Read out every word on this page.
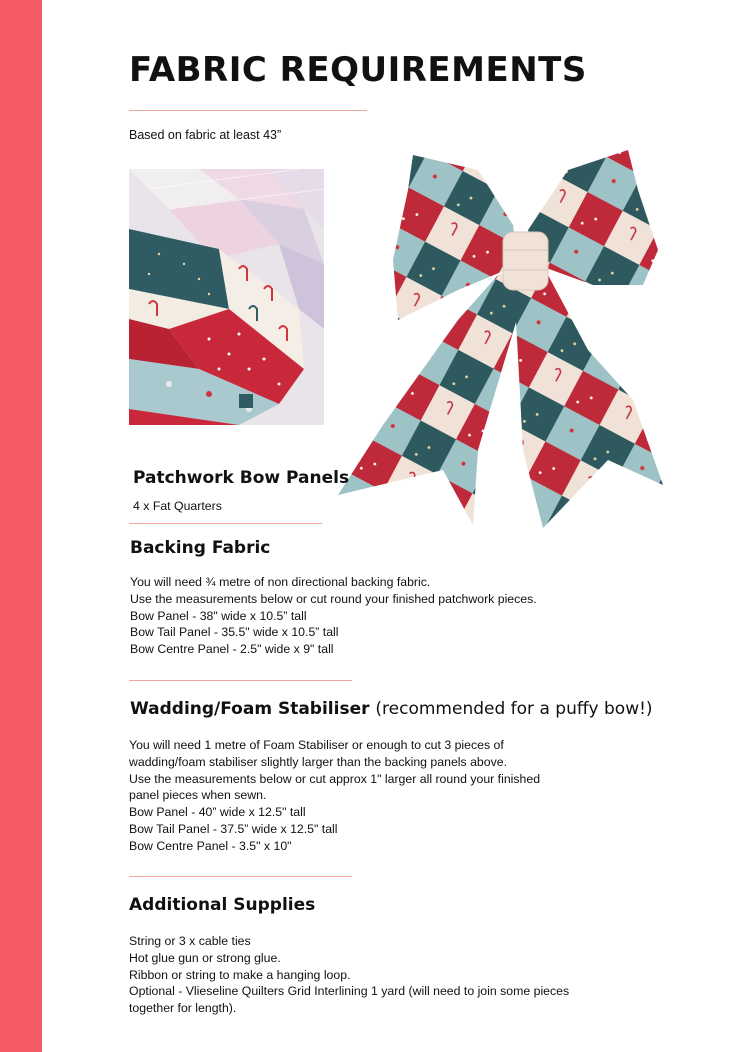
FABRIC REQUIREMENTS
Based on fabric at least 43”
Patchwork Bow Panels
4 x Fat Quarters
Backing Fabric
You will need ¾ metre of non directional backing fabric.
Use the measurements below or cut round your finished patchwork pieces.
Bow Panel - 38" wide x 10.5” tall
Bow Tail Panel - 35.5" wide x 10.5” tall
Bow Centre Panel - 2.5" wide x 9" tall
Wadding/Foam Stabiliser (recommended for a puffy bow!)
You will need 1 metre of Foam Stabiliser or enough to cut 3 pieces of
wadding/foam stabiliser slightly larger than the backing panels above.
Use the measurements below or cut approx 1" larger all round your finished
panel pieces when sewn.
Bow Panel - 40” wide x 12.5" tall
Bow Tail Panel - 37.5” wide x 12.5" tall
Bow Centre Panel - 3.5" x 10"
Additional Supplies
String or 3 x cable ties
Hot glue gun or strong glue.
Ribbon or string to make a hanging loop.
Optional - Vlieseline Quilters Grid Interlining 1 yard (will need to join some pieces
together for length).
